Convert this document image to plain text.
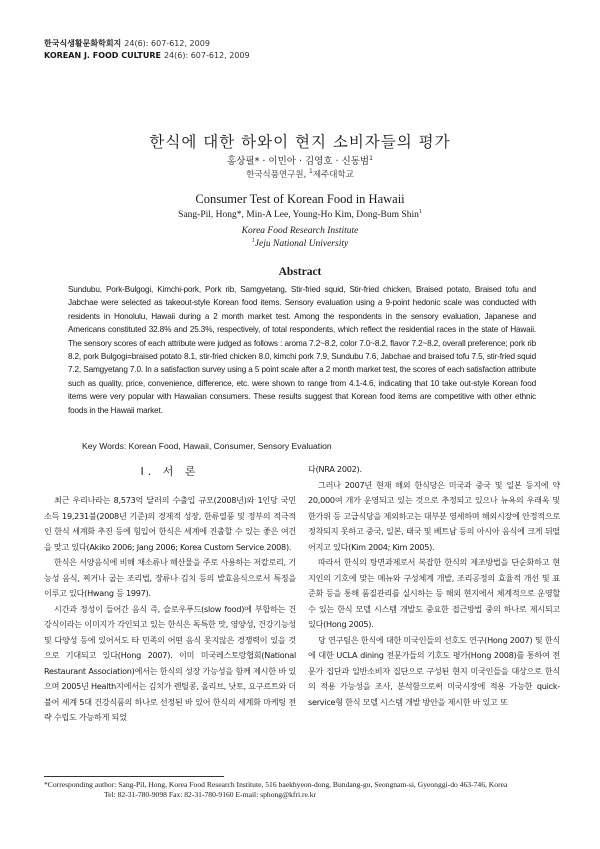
한국식생활문화학회지 24(6): 607-612, 2009
KOREAN J. FOOD CULTURE 24(6): 607-612, 2009
한식에 대한 하와이 현지 소비자들의 평가
홍상필* · 이민아 · 김영호 · 신동범$^1$
한국식품연구원, $^1$제주대학교
Consumer Test of Korean Food in Hawaii
Sang-Pil, Hong*, Min-A Lee, Young-Ho Kim, Dong-Bum Shin$^1$
Korea Food Research Institute
$^1$Jeju National University
Abstract
Sundubu, Pork-Bulgogi, Kimchi-pork, Pork rib, Samgyetang, Stir-fried squid, Stir-fried chicken, Braised potato, Braised tofu and Jabchae were selected as takeout-style Korean food items. Sensory evaluation using a 9-point hedonic scale was conducted with residents in Honolulu, Hawaii during a 2 month market test. Among the respondents in the sensory evaluation, Japanese and Americans constituted 32.8% and 25.3%, respectively, of total respondents, which reflect the residential races in the state of Hawaii. The sensory scores of each attribute were judged as follows : aroma 7.2~8.2, color 7.0~8.2, flavor 7.2~8.2, overall preference; pork rib 8.2, pork Bulgogi=braised potato 8.1, stir-fried chicken 8.0, kimchi pork 7.9, Sundubu 7.6, Jabchae and braised tofu 7.5, stir-fried squid 7.2, Samgyetang 7.0. In a satisfaction survey using a 5 point scale after a 2 month market test, the scores of each satisfaction attribute such as quality, price, convenience, difference, etc. were shown to range from 4.1-4.6, indicating that 10 take out-style Korean food items were very popular with Hawaiian consumers. These results suggest that Korean food items are competitive with other ethnic foods in the Hawaii market.
Key Words: Korean Food, Hawaii, Consumer, Sensory Evaluation
I. 서 론

최근 우리나라는 8,573억 달러의 수출입 규모(2008년)와 1인당 국민소득 19,231불(2008년 기준)의 경제적 성장, 한류열풍 및 정부의 적극적인 한식 세계화 추진 등에 힘입어 한식은 세계에 진출할 수 있는 좋은 여건을 맞고 있다(Akiko 2006; Jang 2006; Korea Custom Service 2008).

한식은 서양음식에 비해 채소류나 해산물을 주로 사용하는 저칼로리, 기능성 음식, 찌거나 굽는 조리법, 장류나 김치 등의 발효음식으로서 특징을 이루고 있다(Hwang 등 1997).

시간과 정성이 들어간 음식 즉, 슬로우푸드(slow food)에 부합하는 건강식이라는 이미지가 각인되고 있는 한식은 독특한 맛, 영양성, 건강기능성 및 다양성 등에 있어서도 타 민족의 어떤 음식 못지않은 경쟁력이 있을 것으로 기대되고 있다(Hong 2007). 이미 미국레스토랑협회(National Restaurant Association)에서는 한식의 성장 가능성을 함께 제시한 바 있으며 2005년 Health지에서는 김치가 렌틸콩, 올리브, 낫토, 요구르트와 더불어 세계 5대 건강식품의 하나로 선정된 바 있어 한식의 세계화 마케팅 전략 수립도 가능하게 되었

다(NRA 2002).

그러나 2007년 현재 해외 한식당은 미국과 중국 및 일본 등지에 약 20,000여 개가 운영되고 있는 것으로 추정되고 있으나 뉴욕의 우래옥 및 한가위 등 고급식당을 제외하고는 대부분 영세하며 해외시장에 안정적으로 정착되지 못하고 중국, 일본, 태국 및 베트남 등의 아시아 음식에 크게 뒤떨어지고 있다(Kim 2004; Kim 2005).

따라서 한식의 탕면과제로서 복잡한 한식의 제조방법을 단순화하고 현지인의 기호에 맞는 메뉴와 구성체계 개발, 조리공정의 효율적 개선 및 표준화 등을 통해 품질관리를 실시하는 등 해외 현지에서 체계적으로 운영할 수 있는 한식 모델 시스템 개발도 중요한 접근방법 중의 하나로 제시되고 있다(Hong 2005).

당 연구팀은 한식에 대한 미국인들의 선호도 연구(Hong 2007) 및 한식에 대한 UCLA dining 전문가들의 기호도 평가(Hong 2008)를 통하여 전문가 집단과 일반소비자 집단으로 구성된 현지 미국인들을 대상으로 한식의 적용 가능성을 조사, 분석함으로써 미국시장에 적용 가능한 quick-service형 한식 모델 시스템 개발 방안을 제시한 바 있고 또

*Corresponding author: Sang-Pil, Hong, Korea Food Research Institute, 516 baekhyeon-dong, Bundang-gu, Seongnam-si, Gyeonggi-do 463-746, Korea
Tel: 82-31-780-9098 Fax: 82-31-780-9160 E-mail: sphong@kfri.re.kr
